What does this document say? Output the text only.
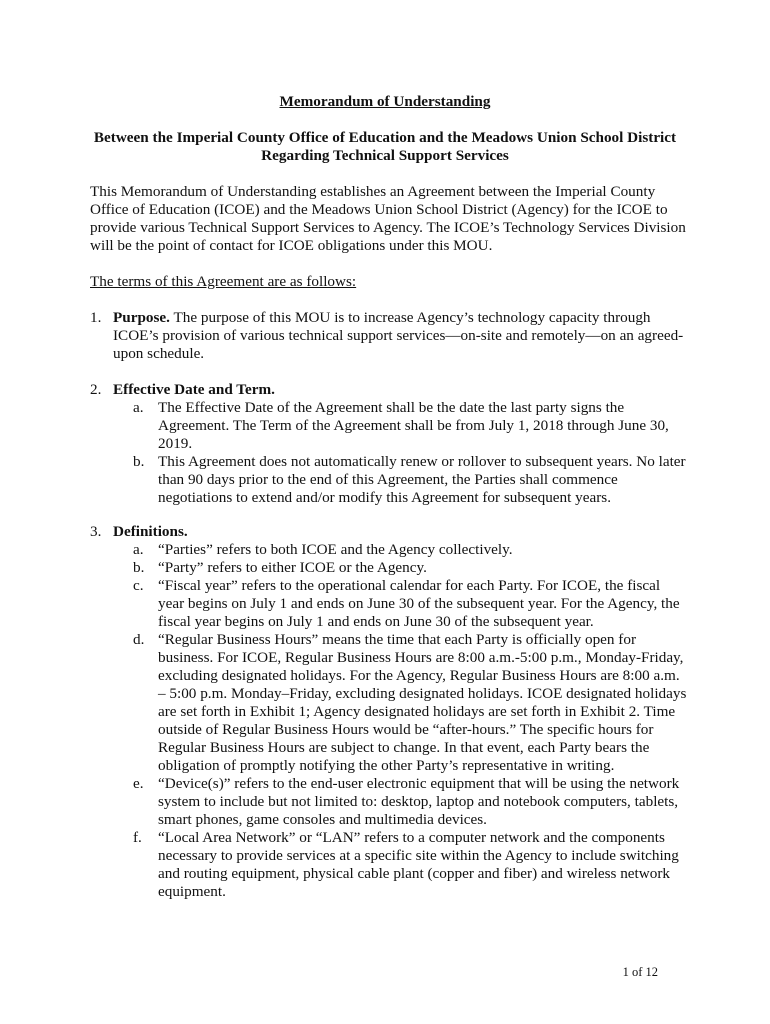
Memorandum of Understanding
Between the Imperial County Office of Education and the Meadows Union School District
Regarding Technical Support Services
This Memorandum of Understanding establishes an Agreement between the Imperial County Office of Education (ICOE) and the Meadows Union School District (Agency) for the ICOE to provide various Technical Support Services to Agency. The ICOE’s Technology Services Division will be the point of contact for ICOE obligations under this MOU.
The terms of this Agreement are as follows:
1. Purpose. The purpose of this MOU is to increase Agency’s technology capacity through ICOE’s provision of various technical support services—on-site and remotely—on an agreed-upon schedule.
2. Effective Date and Term.
a. The Effective Date of the Agreement shall be the date the last party signs the Agreement. The Term of the Agreement shall be from July 1, 2018 through June 30, 2019.
b. This Agreement does not automatically renew or rollover to subsequent years. No later than 90 days prior to the end of this Agreement, the Parties shall commence negotiations to extend and/or modify this Agreement for subsequent years.
3. Definitions.
a. “Parties” refers to both ICOE and the Agency collectively.
b. “Party” refers to either ICOE or the Agency.
c. “Fiscal year” refers to the operational calendar for each Party. For ICOE, the fiscal year begins on July 1 and ends on June 30 of the subsequent year. For the Agency, the fiscal year begins on July 1 and ends on June 30 of the subsequent year.
d. “Regular Business Hours” means the time that each Party is officially open for business. For ICOE, Regular Business Hours are 8:00 a.m.-5:00 p.m., Monday-Friday, excluding designated holidays. For the Agency, Regular Business Hours are 8:00 a.m. – 5:00 p.m. Monday–Friday, excluding designated holidays. ICOE designated holidays are set forth in Exhibit 1; Agency designated holidays are set forth in Exhibit 2. Time outside of Regular Business Hours would be “after-hours.” The specific hours for Regular Business Hours are subject to change. In that event, each Party bears the obligation of promptly notifying the other Party’s representative in writing.
e. “Device(s)” refers to the end-user electronic equipment that will be using the network system to include but not limited to: desktop, laptop and notebook computers, tablets, smart phones, game consoles and multimedia devices.
f. “Local Area Network” or “LAN” refers to a computer network and the components necessary to provide services at a specific site within the Agency to include switching and routing equipment, physical cable plant (copper and fiber) and wireless network equipment.
1 of 12
